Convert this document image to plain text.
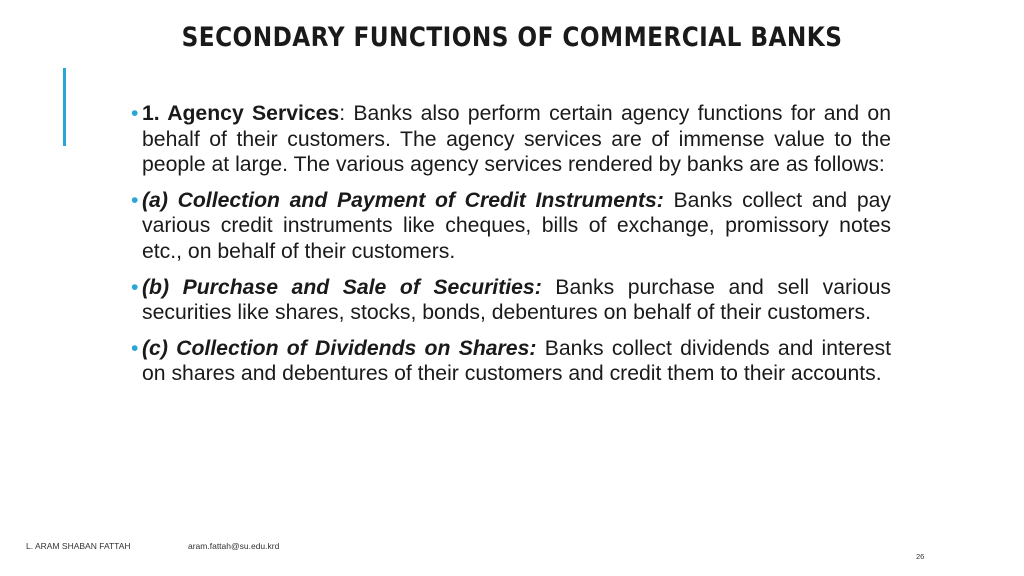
SECONDARY FUNCTIONS OF COMMERCIAL BANKS

• 1. Agency Services: Banks also perform certain agency functions for and on behalf of their customers. The agency services are of immense value to the people at large. The various agency services rendered by banks are as follows:

• (a) Collection and Payment of Credit Instruments: Banks collect and pay various credit instruments like cheques, bills of exchange, promissory notes etc., on behalf of their customers.

• (b) Purchase and Sale of Securities: Banks purchase and sell various securities like shares, stocks, bonds, debentures on behalf of their customers.

• (c) Collection of Dividends on Shares: Banks collect dividends and interest on shares and debentures of their customers and credit them to their accounts.

L. ARAM SHABAN FATTAH	aram.fattah@su.edu.krd
26
